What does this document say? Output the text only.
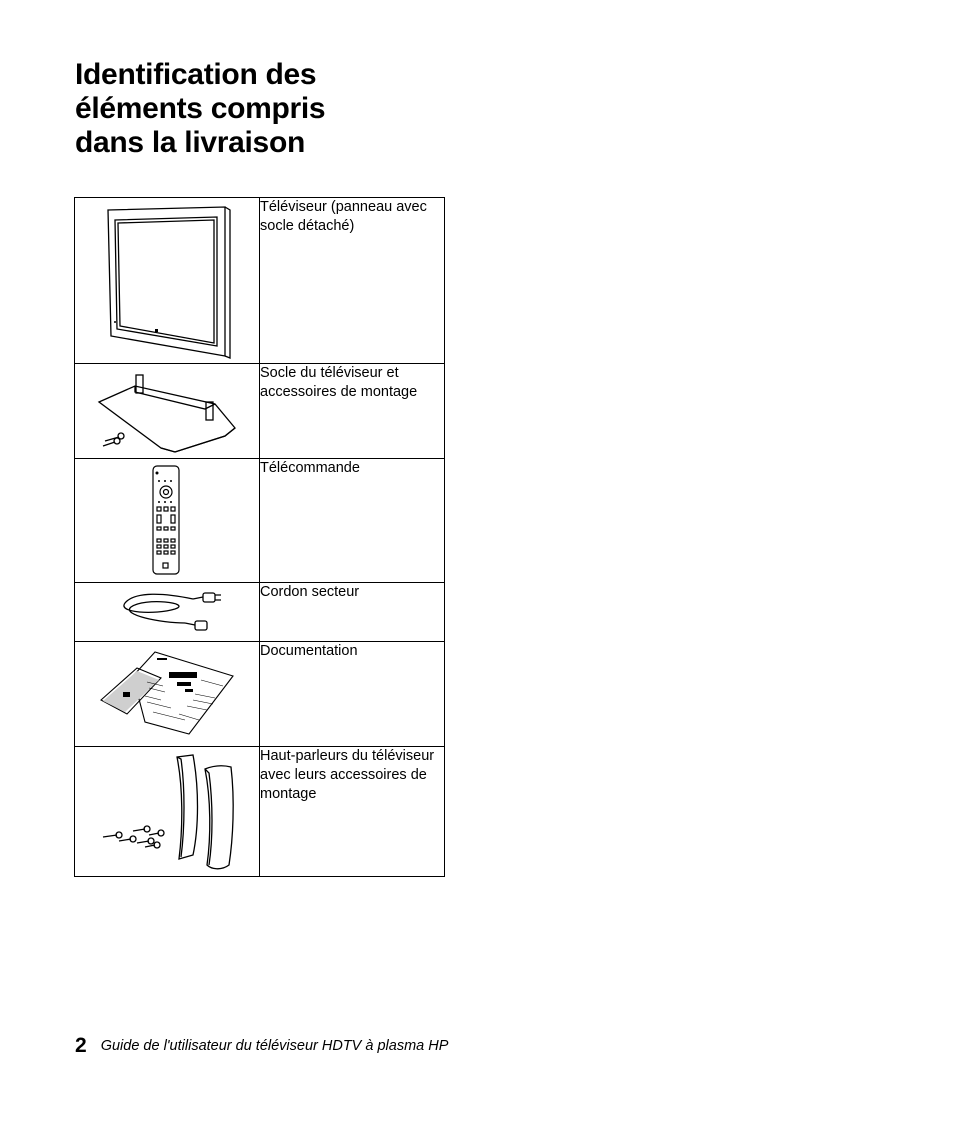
Identification des
éléments compris
dans la livraison
	Téléviseur (panneau avec socle détaché)

	Socle du téléviseur et accessoires de montage

	Télécommande

	Cordon secteur

	Documentation

	Haut-parleurs du téléviseur avec leurs accessoires de montage
2 Guide de l'utilisateur du téléviseur HDTV à plasma HP
